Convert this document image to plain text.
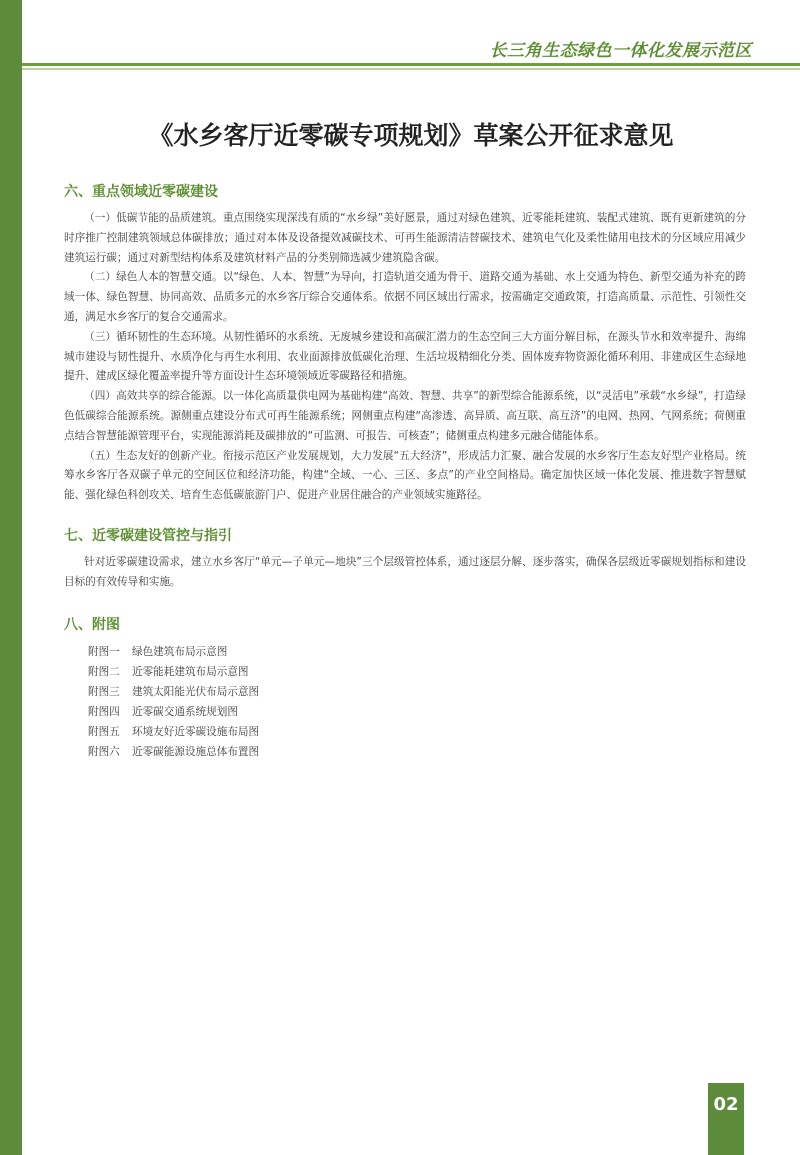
长三角生态绿色一体化发展示范区
《水乡客厅近零碳专项规划》草案公开征求意见
六、重点领域近零碳建设

（一）低碳节能的品质建筑。重点围绕实现深浅有质的“水乡绿”美好愿景，通过对绿色建筑、近零能耗建筑、装配式建筑、既有更新建筑的分时序推广控制建筑领域总体碳排放；通过对本体及设备提效减碳技术、可再生能源清洁替碳技术、建筑电气化及柔性储用电技术的分区域应用减少建筑运行碳；通过对新型结构体系及建筑材料产品的分类别筛选减少建筑隐含碳。

（二）绿色人本的智慧交通。以“绿色、人本、智慧”为导向，打造轨道交通为骨干、道路交通为基础、水上交通为特色、新型交通为补充的跨域一体、绿色智慧、协同高效、品质多元的水乡客厅综合交通体系。依据不同区域出行需求，按需确定交通政策，打造高质量、示范性、引领性交通，满足水乡客厅的复合交通需求。

（三）循环韧性的生态环境。从韧性循环的水系统、无废城乡建设和高碳汇潜力的生态空间三大方面分解目标，在源头节水和效率提升、海绵城市建设与韧性提升、水质净化与再生水利用、农业面源排放低碳化治理、生活垃圾精细化分类、固体废弃物资源化循环利用、非建成区生态绿地提升、建成区绿化覆盖率提升等方面设计生态环境领域近零碳路径和措施。

（四）高效共享的综合能源。以一体化高质量供电网为基础构建“高效、智慧、共享”的新型综合能源系统，以“灵活电”承载“水乡绿”，打造绿色低碳综合能源系统。源侧重点建设分布式可再生能源系统；网侧重点构建“高渗透、高异质、高互联、高互济”的电网、热网、气网系统；荷侧重点结合智慧能源管理平台，实现能源消耗及碳排放的“可监测、可报告、可核查”；储侧重点构建多元融合储能体系。

（五）生态友好的创新产业。衔接示范区产业发展规划，大力发展“五大经济”，形成活力汇聚、融合发展的水乡客厅生态友好型产业格局。统筹水乡客厅各双碳子单元的空间区位和经济功能，构建“全域、一心、三区、多点”的产业空间格局。确定加快区域一体化发展、推进数字智慧赋能、强化绿色科创攻关、培育生态低碳旅游门户、促进产业居住融合的产业领域实施路径。

七、近零碳建设管控与指引

针对近零碳建设需求，建立水乡客厅“单元—子单元—地块”三个层级管控体系，通过逐层分解、逐步落实，确保各层级近零碳规划指标和建设目标的有效传导和实施。

八、附图
附图一 绿色建筑布局示意图
附图二 近零能耗建筑布局示意图
附图三 建筑太阳能光伏布局示意图
附图四 近零碳交通系统规划图
附图五 环境友好近零碳设施布局图
附图六 近零碳能源设施总体布置图
02
